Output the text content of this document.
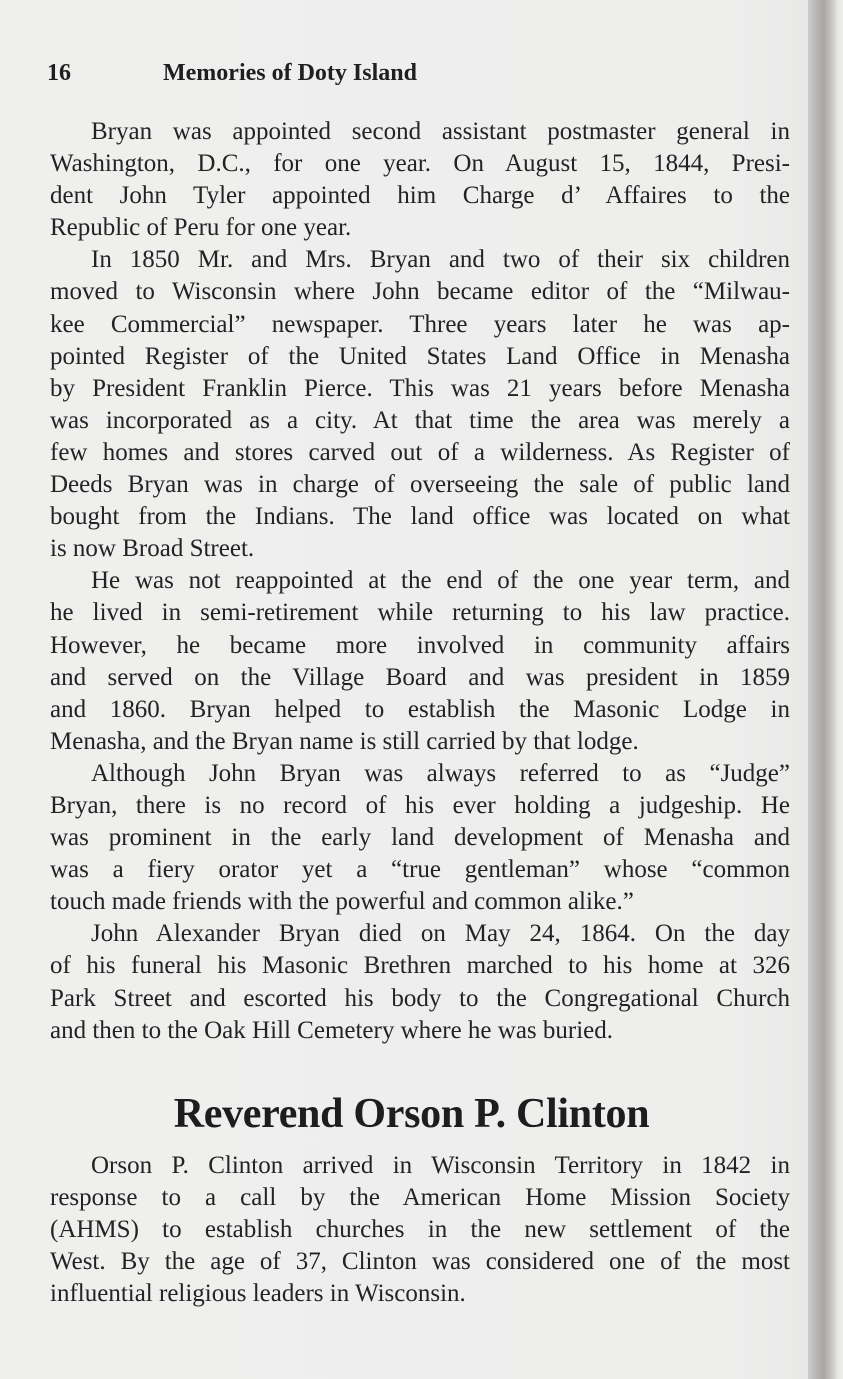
16	Memories of Doty Island
Bryan was appointed second assistant postmaster general in
Washington, D.C., for one year. On August 15, 1844, Presi-
dent John Tyler appointed him Charge d’ Affaires to the
Republic of Peru for one year.
In 1850 Mr. and Mrs. Bryan and two of their six children
moved to Wisconsin where John became editor of the “Milwau-
kee Commercial” newspaper. Three years later he was ap-
pointed Register of the United States Land Office in Menasha
by President Franklin Pierce. This was 21 years before Menasha
was incorporated as a city. At that time the area was merely a
few homes and stores carved out of a wilderness. As Register of
Deeds Bryan was in charge of overseeing the sale of public land
bought from the Indians. The land office was located on what
is now Broad Street.
He was not reappointed at the end of the one year term, and
he lived in semi-retirement while returning to his law practice.
However, he became more involved in community affairs
and served on the Village Board and was president in 1859
and 1860. Bryan helped to establish the Masonic Lodge in
Menasha, and the Bryan name is still carried by that lodge.
Although John Bryan was always referred to as “Judge”
Bryan, there is no record of his ever holding a judgeship. He
was prominent in the early land development of Menasha and
was a fiery orator yet a “true gentleman” whose “common
touch made friends with the powerful and common alike.”
John Alexander Bryan died on May 24, 1864. On the day
of his funeral his Masonic Brethren marched to his home at 326
Park Street and escorted his body to the Congregational Church
and then to the Oak Hill Cemetery where he was buried.
Reverend Orson P. Clinton
Orson P. Clinton arrived in Wisconsin Territory in 1842 in
response to a call by the American Home Mission Society
(AHMS) to establish churches in the new settlement of the
West. By the age of 37, Clinton was considered one of the most
influential religious leaders in Wisconsin.
